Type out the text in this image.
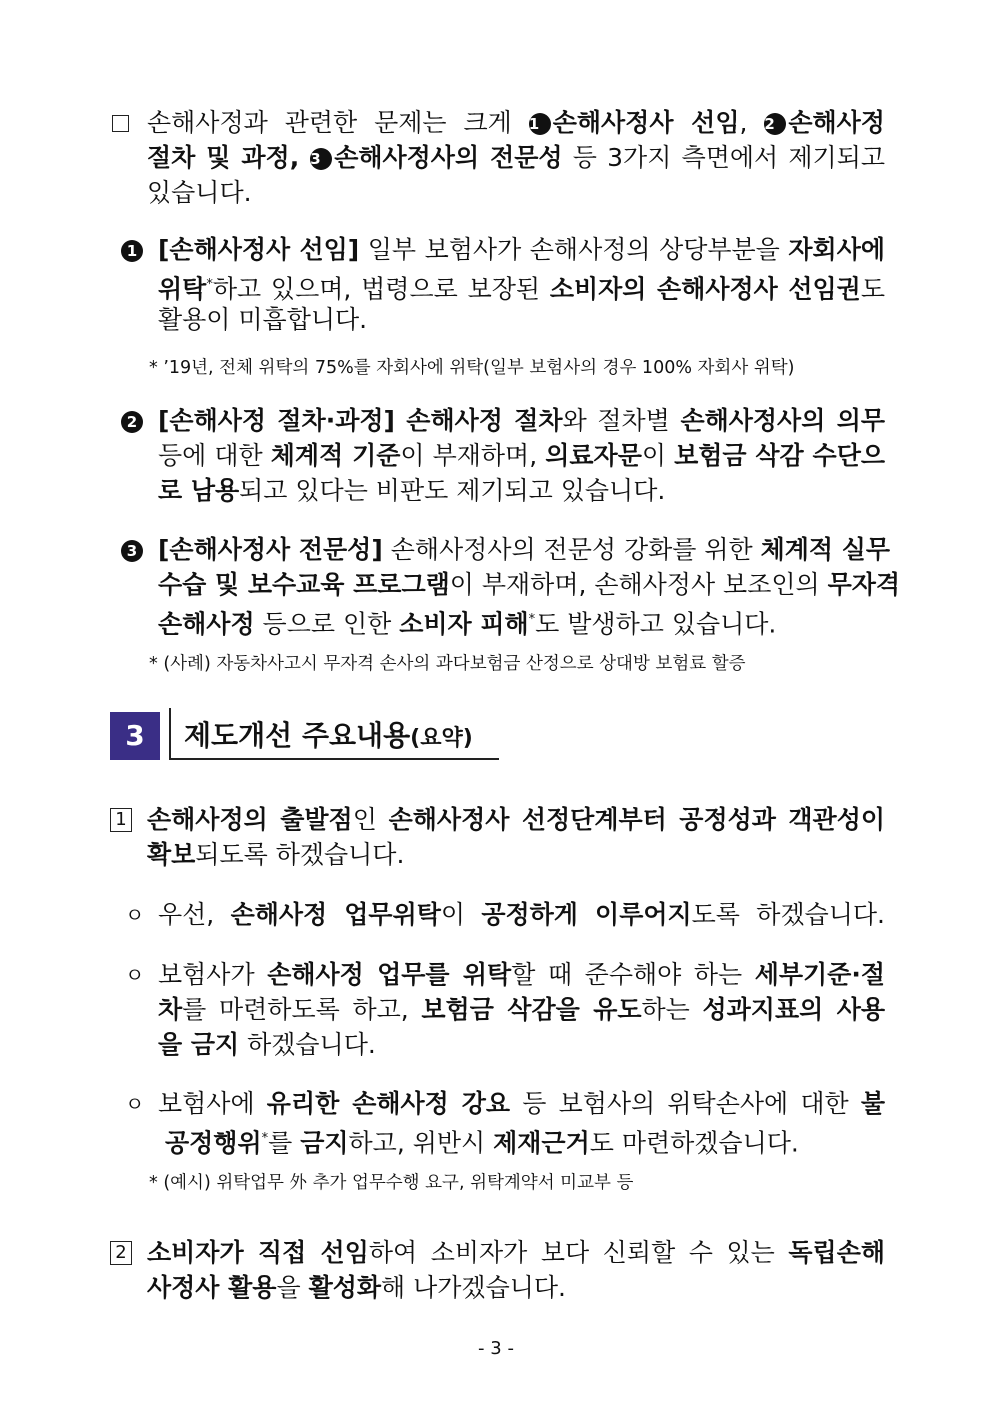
손해사정과 관련한 문제는 크게 1 손해사정사 선임, 2 손해사정
절차 및 과정, 3 손해사정사의 전문성 등 3가지 측면에서 제기되고
있습니다.
1 [손해사정사 선임] 일부 보험사가 손해사정의 상당부분을 자회사에
위탁*하고 있으며, 법령으로 보장된 소비자의 손해사정사 선임권도
활용이 미흡합니다.
* ’19년, 전체 위탁의 75%를 자회사에 위탁(일부 보험사의 경우 100% 자회사 위탁)
2 [손해사정 절차·과정] 손해사정 절차와 절차별 손해사정사의 의무
등에 대한 체계적 기준이 부재하며, 의료자문이 보험금 삭감 수단으
로 남용되고 있다는 비판도 제기되고 있습니다.
3 [손해사정사 전문성] 손해사정사의 전문성 강화를 위한 체계적 실무
수습 및 보수교육 프로그램이 부재하며, 손해사정사 보조인의 무자격
손해사정 등으로 인한 소비자 피해*도 발생하고 있습니다.
* (사례) 자동차사고시 무자격 손사의 과다보험금 산정으로 상대방 보험료 할증
3	제도개선 주요내용(요약)
1 손해사정의 출발점인 손해사정사 선정단계부터 공정성과 객관성이
확보되도록 하겠습니다.
ㅇ 우선, 손해사정 업무위탁이 공정하게 이루어지도록 하겠습니다.
ㅇ 보험사가 손해사정 업무를 위탁할 때 준수해야 하는 세부기준·절
차를 마련하도록 하고, 보험금 삭감을 유도하는 성과지표의 사용
을 금지 하겠습니다.
ㅇ 보험사에 유리한 손해사정 강요 등 보험사의 위탁손사에 대한 불
공정행위*를 금지하고, 위반시 제재근거도 마련하겠습니다.
* (예시) 위탁업무 外 추가 업무수행 요구, 위탁계약서 미교부 등
2 소비자가 직접 선임하여 소비자가 보다 신뢰할 수 있는 독립손해
사정사 활용을 활성화해 나가겠습니다.
- 3 -
